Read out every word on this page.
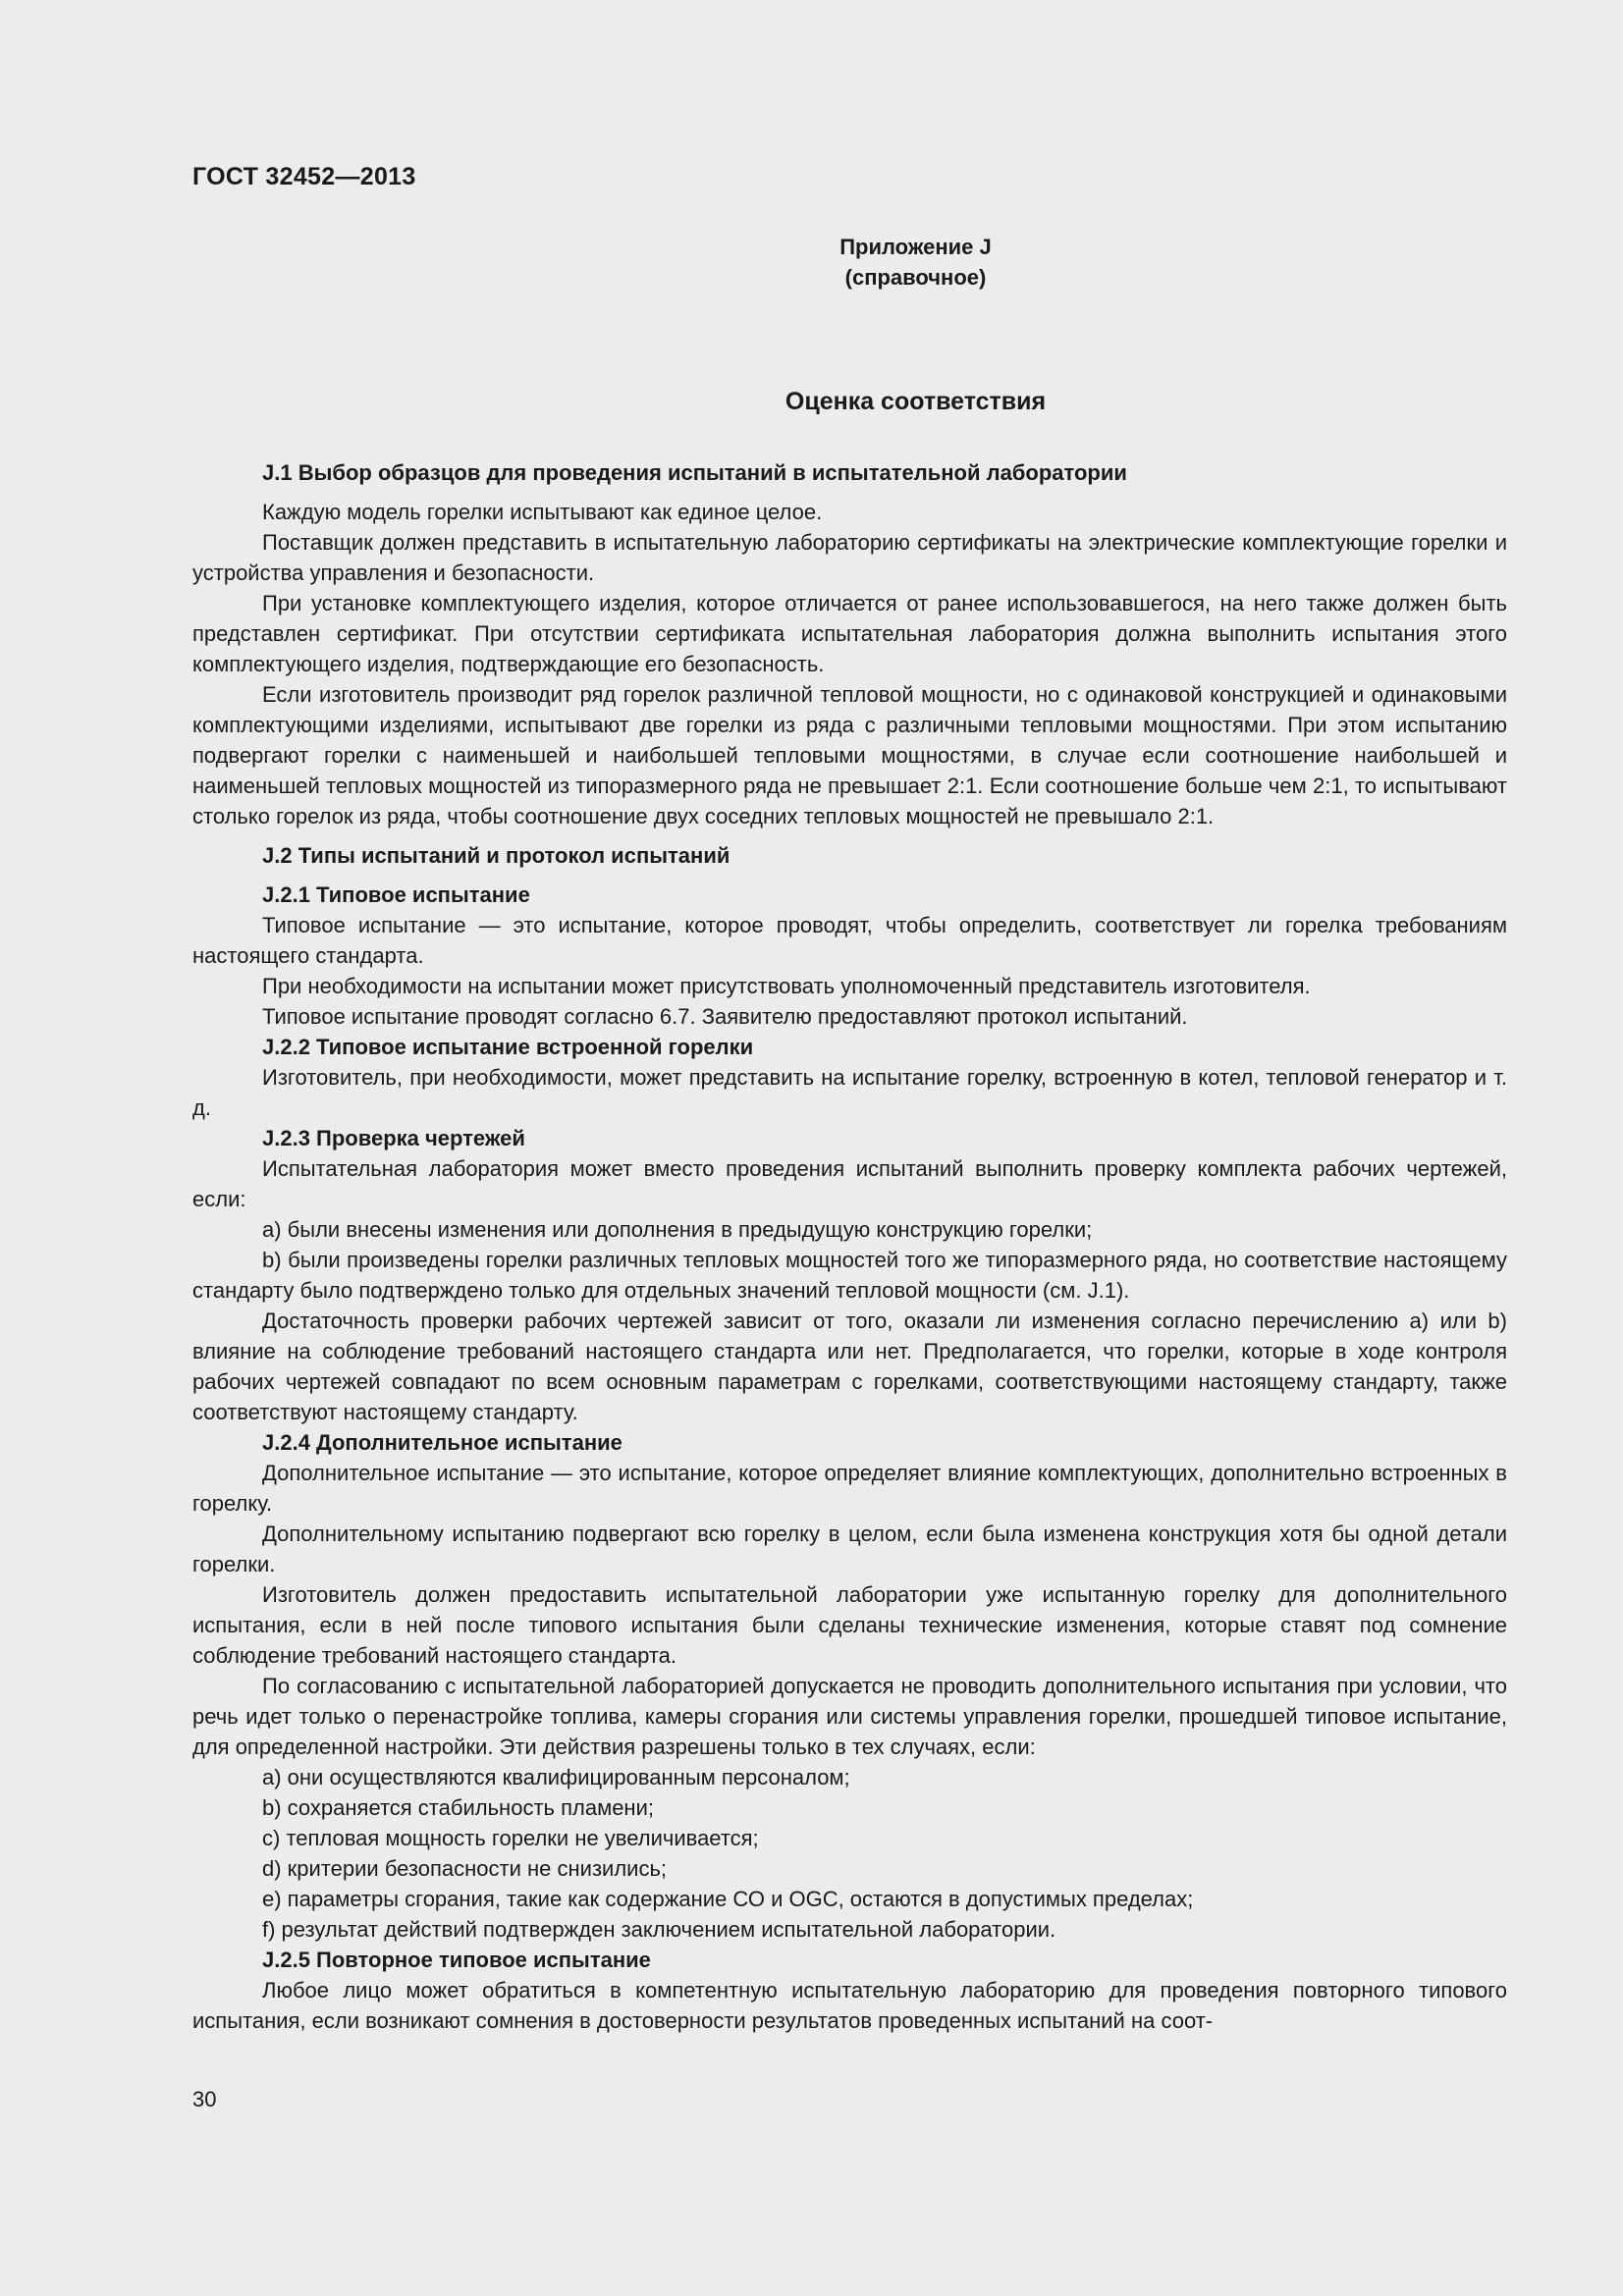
ГОСТ 32452—2013
Приложение J
(справочное)
Оценка соответствия

J.1 Выбор образцов для проведения испытаний в испытательной лаборатории

Каждую модель горелки испытывают как единое целое.

Поставщик должен представить в испытательную лабораторию сертификаты на электрические комплектующие горелки и устройства управления и безопасности.

При установке комплектующего изделия, которое отличается от ранее использовавшегося, на него также должен быть представлен сертификат. При отсутствии сертификата испытательная лаборатория должна выполнить испытания этого комплектующего изделия, подтверждающие его безопасность.

Если изготовитель производит ряд горелок различной тепловой мощности, но с одинаковой конструкцией и одинаковыми комплектующими изделиями, испытывают две горелки из ряда с различными тепловыми мощностями. При этом испытанию подвергают горелки с наименьшей и наибольшей тепловыми мощностями, в случае если соотношение наибольшей и наименьшей тепловых мощностей из типоразмерного ряда не превышает 2:1. Если соотношение больше чем 2:1, то испытывают столько горелок из ряда, чтобы соотношение двух соседних тепловых мощностей не превышало 2:1.

J.2 Типы испытаний и протокол испытаний

J.2.1 Типовое испытание

Типовое испытание — это испытание, которое проводят, чтобы определить, соответствует ли горелка требованиям настоящего стандарта.

При необходимости на испытании может присутствовать уполномоченный представитель изготовителя.

Типовое испытание проводят согласно 6.7. Заявителю предоставляют протокол испытаний.

J.2.2 Типовое испытание встроенной горелки

Изготовитель, при необходимости, может представить на испытание горелку, встроенную в котел, тепловой генератор и т. д.

J.2.3 Проверка чертежей

Испытательная лаборатория может вместо проведения испытаний выполнить проверку комплекта рабочих чертежей, если:

а) были внесены изменения или дополнения в предыдущую конструкцию горелки;

b) были произведены горелки различных тепловых мощностей того же типоразмерного ряда, но соответствие настоящему стандарту было подтверждено только для отдельных значений тепловой мощности (см. J.1).

Достаточность проверки рабочих чертежей зависит от того, оказали ли изменения согласно перечислению а) или b) влияние на соблюдение требований настоящего стандарта или нет. Предполагается, что горелки, которые в ходе контроля рабочих чертежей совпадают по всем основным параметрам с горелками, соответствующими настоящему стандарту, также соответствуют настоящему стандарту.

J.2.4 Дополнительное испытание

Дополнительное испытание — это испытание, которое определяет влияние комплектующих, дополнительно встроенных в горелку.

Дополнительному испытанию подвергают всю горелку в целом, если была изменена конструкция хотя бы одной детали горелки.

Изготовитель должен предоставить испытательной лаборатории уже испытанную горелку для дополнительного испытания, если в ней после типового испытания были сделаны технические изменения, которые ставят под сомнение соблюдение требований настоящего стандарта.

По согласованию с испытательной лабораторией допускается не проводить дополнительного испытания при условии, что речь идет только о перенастройке топлива, камеры сгорания или системы управления горелки, прошедшей типовое испытание, для определенной настройки. Эти действия разрешены только в тех случаях, если:

а) они осуществляются квалифицированным персоналом;

b) сохраняется стабильность пламени;

c) тепловая мощность горелки не увеличивается;

d) критерии безопасности не снизились;

e) параметры сгорания, такие как содержание СО и OGC, остаются в допустимых пределах;

f) результат действий подтвержден заключением испытательной лаборатории.

J.2.5 Повторное типовое испытание

Любое лицо может обратиться в компетентную испытательную лабораторию для проведения повторного типового испытания, если возникают сомнения в достоверности результатов проведенных испытаний на соот-

30
